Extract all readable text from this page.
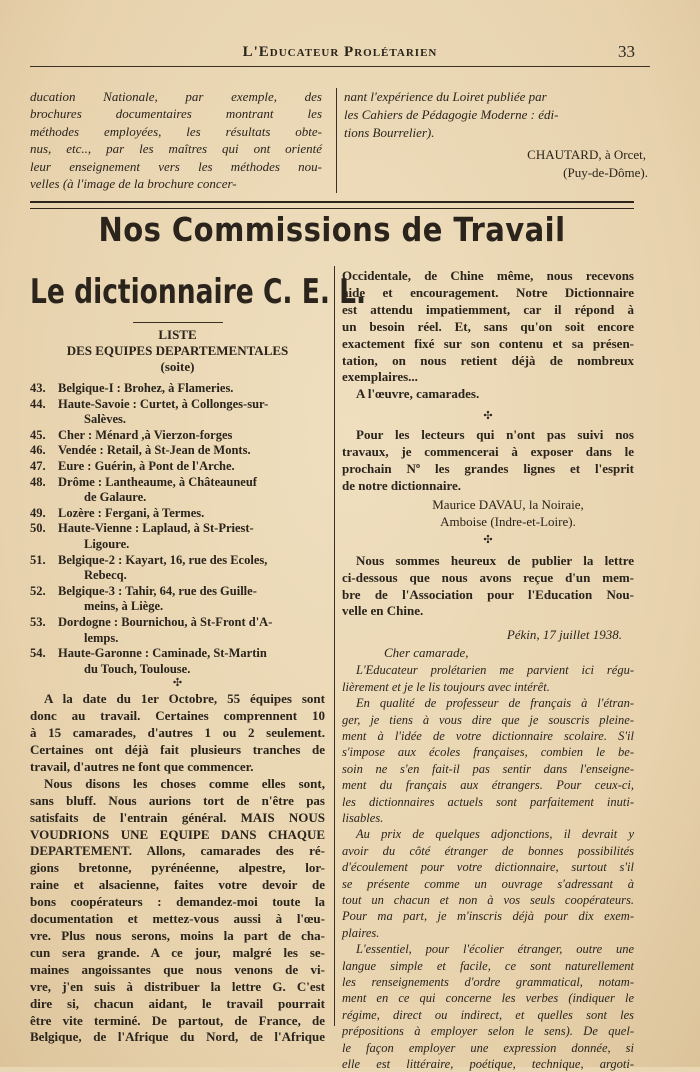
L'Educateur Prolétarien	33
ducation Nationale, par exemple, des
brochures documentaires montrant les
méthodes employées, les résultats obte-
nus, etc.., par les maîtres qui ont orienté
leur enseignement vers les méthodes nou-
velles (à l'image de la brochure concer-
nant l'expérience du Loiret publiée par
les Cahiers de Pédagogie Moderne : édi-
tions Bourrelier).
CHAUTARD, à Orcet,
(Puy-de-Dôme).
Nos Commissions de Travail
Le dictionnaire C. E. L.
LISTE
DES EQUIPES DEPARTEMENTALES
(soite)
43. Belgique-I : Brohez, à Flameries.
44. Haute-Savoie : Curtet, à Collonges-sur-
Salèves.
45. Cher : Ménard ,à Vierzon-forges
46. Vendée : Retail, à St-Jean de Monts.
47. Eure : Guérin, à Pont de l'Arche.
48. Drôme : Lantheaume, à Châteauneuf
de Galaure.
49. Lozère : Fergani, à Termes.
50. Haute-Vienne : Laplaud, à St-Priest-
Ligoure.
51. Belgique-2 : Kayart, 16, rue des Ecoles,
Rebecq.
52. Belgique-3 : Tahir, 64, rue des Guille-
meins, à Liège.
53. Dordogne : Bournichou, à St-Front d'A-
lemps.
54. Haute-Garonne : Caminade, St-Martin
du Touch, Toulouse.
✣
A la date du 1er Octobre, 55 équipes sont
donc au travail. Certaines comprennent 10
à 15 camarades, d'autres 1 ou 2 seulement.
Certaines ont déjà fait plusieurs tranches de
travail, d'autres ne font que commencer.
Nous disons les choses comme elles sont,
sans bluff. Nous aurions tort de n'être pas
satisfaits de l'entrain général. MAIS NOUS
VOUDRIONS UNE EQUIPE DANS CHAQUE
DEPARTEMENT. Allons, camarades des ré-
gions bretonne, pyrénéenne, alpestre, lor-
raine et alsacienne, faites votre devoir de
bons coopérateurs : demandez-moi toute la
documentation et mettez-vous aussi à l'œu-
vre. Plus nous serons, moins la part de cha-
cun sera grande. A ce jour, malgré les se-
maines angoissantes que nous venons de vi-
vre, j'en suis à distribuer la lettre G. C'est
dire si, chacun aidant, le travail pourrait
être vite terminé. De partout, de France, de
Belgique, de l'Afrique du Nord, de l'Afrique
Occidentale, de Chine même, nous recevons
aide et encouragement. Notre Dictionnaire
est attendu impatiemment, car il répond à
un besoin réel. Et, sans qu'on soit encore
exactement fixé sur son contenu et sa présen-
tation, on nous retient déjà de nombreux
exemplaires...
A l'œuvre, camarades.
✣
Pour les lecteurs qui n'ont pas suivi nos
travaux, je commencerai à exposer dans le
prochain Nº les grandes lignes et l'esprit
de notre dictionnaire.
Maurice DAVAU, la Noiraie,
Amboise (Indre-et-Loire).
✣
Nous sommes heureux de publier la lettre
ci-dessous que nous avons reçue d'un mem-
bre de l'Association pour l'Education Nou-
velle en Chine.
Pékin, 17 juillet 1938.
Cher camarade,
L'Educateur prolétarien me parvient ici régu-
lièrement et je le lis toujours avec intérêt.
En qualité de professeur de français à l'étran-
ger, je tiens à vous dire que je souscris pleine-
ment à l'idée de votre dictionnaire scolaire. S'il
s'impose aux écoles françaises, combien le be-
soin ne s'en fait-il pas sentir dans l'enseigne-
ment du français aux étrangers. Pour ceux-ci,
les dictionnaires actuels sont parfaitement inuti-
lisables.
Au prix de quelques adjonctions, il devrait y
avoir du côté étranger de bonnes possibilités
d'écoulement pour votre dictionnaire, surtout s'il
se présente comme un ouvrage s'adressant à
tout un chacun et non à vos seuls coopérateurs.
Pour ma part, je m'inscris déjà pour dix exem-
plaires.
L'essentiel, pour l'écolier étranger, outre une
langue simple et facile, ce sont naturellement
les renseignements d'ordre grammatical, notam-
ment en ce qui concerne les verbes (indiquer le
régime, direct ou indirect, et quelles sont les
prépositions à employer selon le sens). De quel-
le façon employer une expression donnée, si
elle est littéraire, poétique, technique, argoti-
